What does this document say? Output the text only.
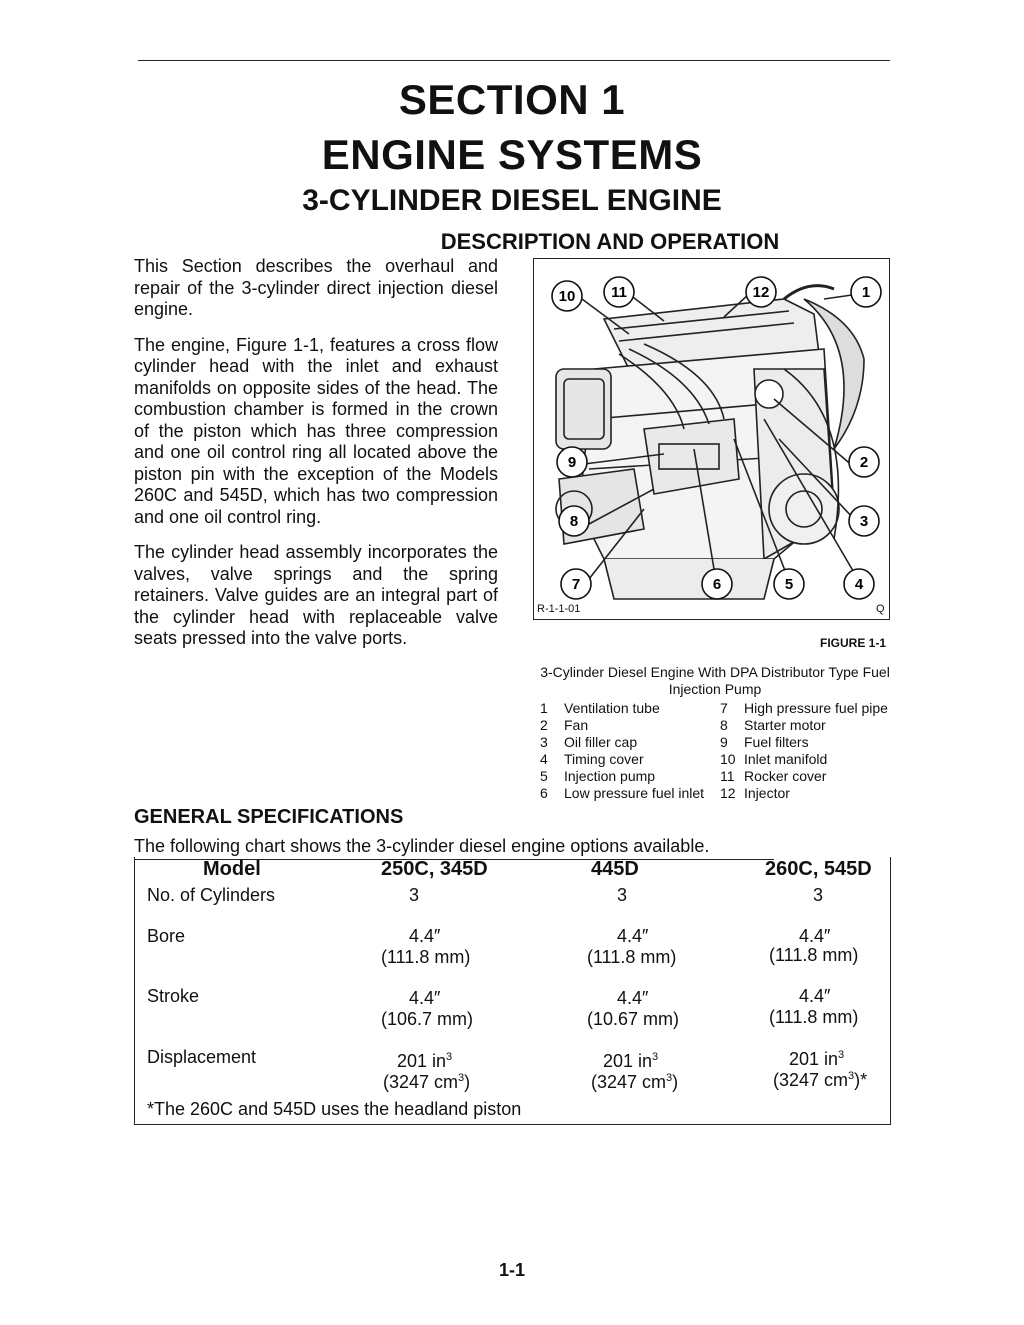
SECTION 1
ENGINE SYSTEMS
3-CYLINDER DIESEL ENGINE
DESCRIPTION AND OPERATION

This Section describes the overhaul and repair of the 3-cylinder direct injection diesel engine.

The engine, Figure 1-1, features a cross flow cylinder head with the inlet and exhaust manifolds on opposite sides of the head. The combustion chamber is formed in the crown of the piston which has three compression and one oil control ring all located above the piston pin with the exception of the Models 260C and 545D, which has two compression and one oil control ring.

The cylinder head assembly incorporates the valves, valve springs and the spring retainers. Valve guides are an integral part of the cylinder head with replaceable valve seats pressed into the valve ports.

10 11	12	1
9	2
8	3
7	6	5	4
R-1-1-01	Q
FIGURE 1-1
3-Cylinder Diesel Engine With DPA Distributor Type Fuel Injection Pump
1	Ventilation tube	7	High pressure fuel pipe
2	Fan	8	Starter motor
3	Oil filler cap	9	Fuel filters
4	Timing cover	10 Inlet manifold
5	Injection pump	11 Rocker cover
6	Low pressure fuel inlet	12 Injector
GENERAL SPECIFICATIONS
The following chart shows the 3-cylinder diesel engine options available.
Model	250C, 345D	445D	260C, 545D
No. of Cylinders	3	3	3
Bore	4.4″	4.4″	4.4″
(111.8 mm)	(111.8 mm)	(111.8 mm)
Stroke	4.4″	4.4″	4.4″
(106.7 mm)	(10.67 mm)	(111.8 mm)
Displacement	201 $in^3$	201 $in^3$	201 $in^3$
(3247 $cm^3$)	(3247 $cm^3$)	(3247 $cm^3)*$
*The 260C and 545D uses the headland piston
1-1
